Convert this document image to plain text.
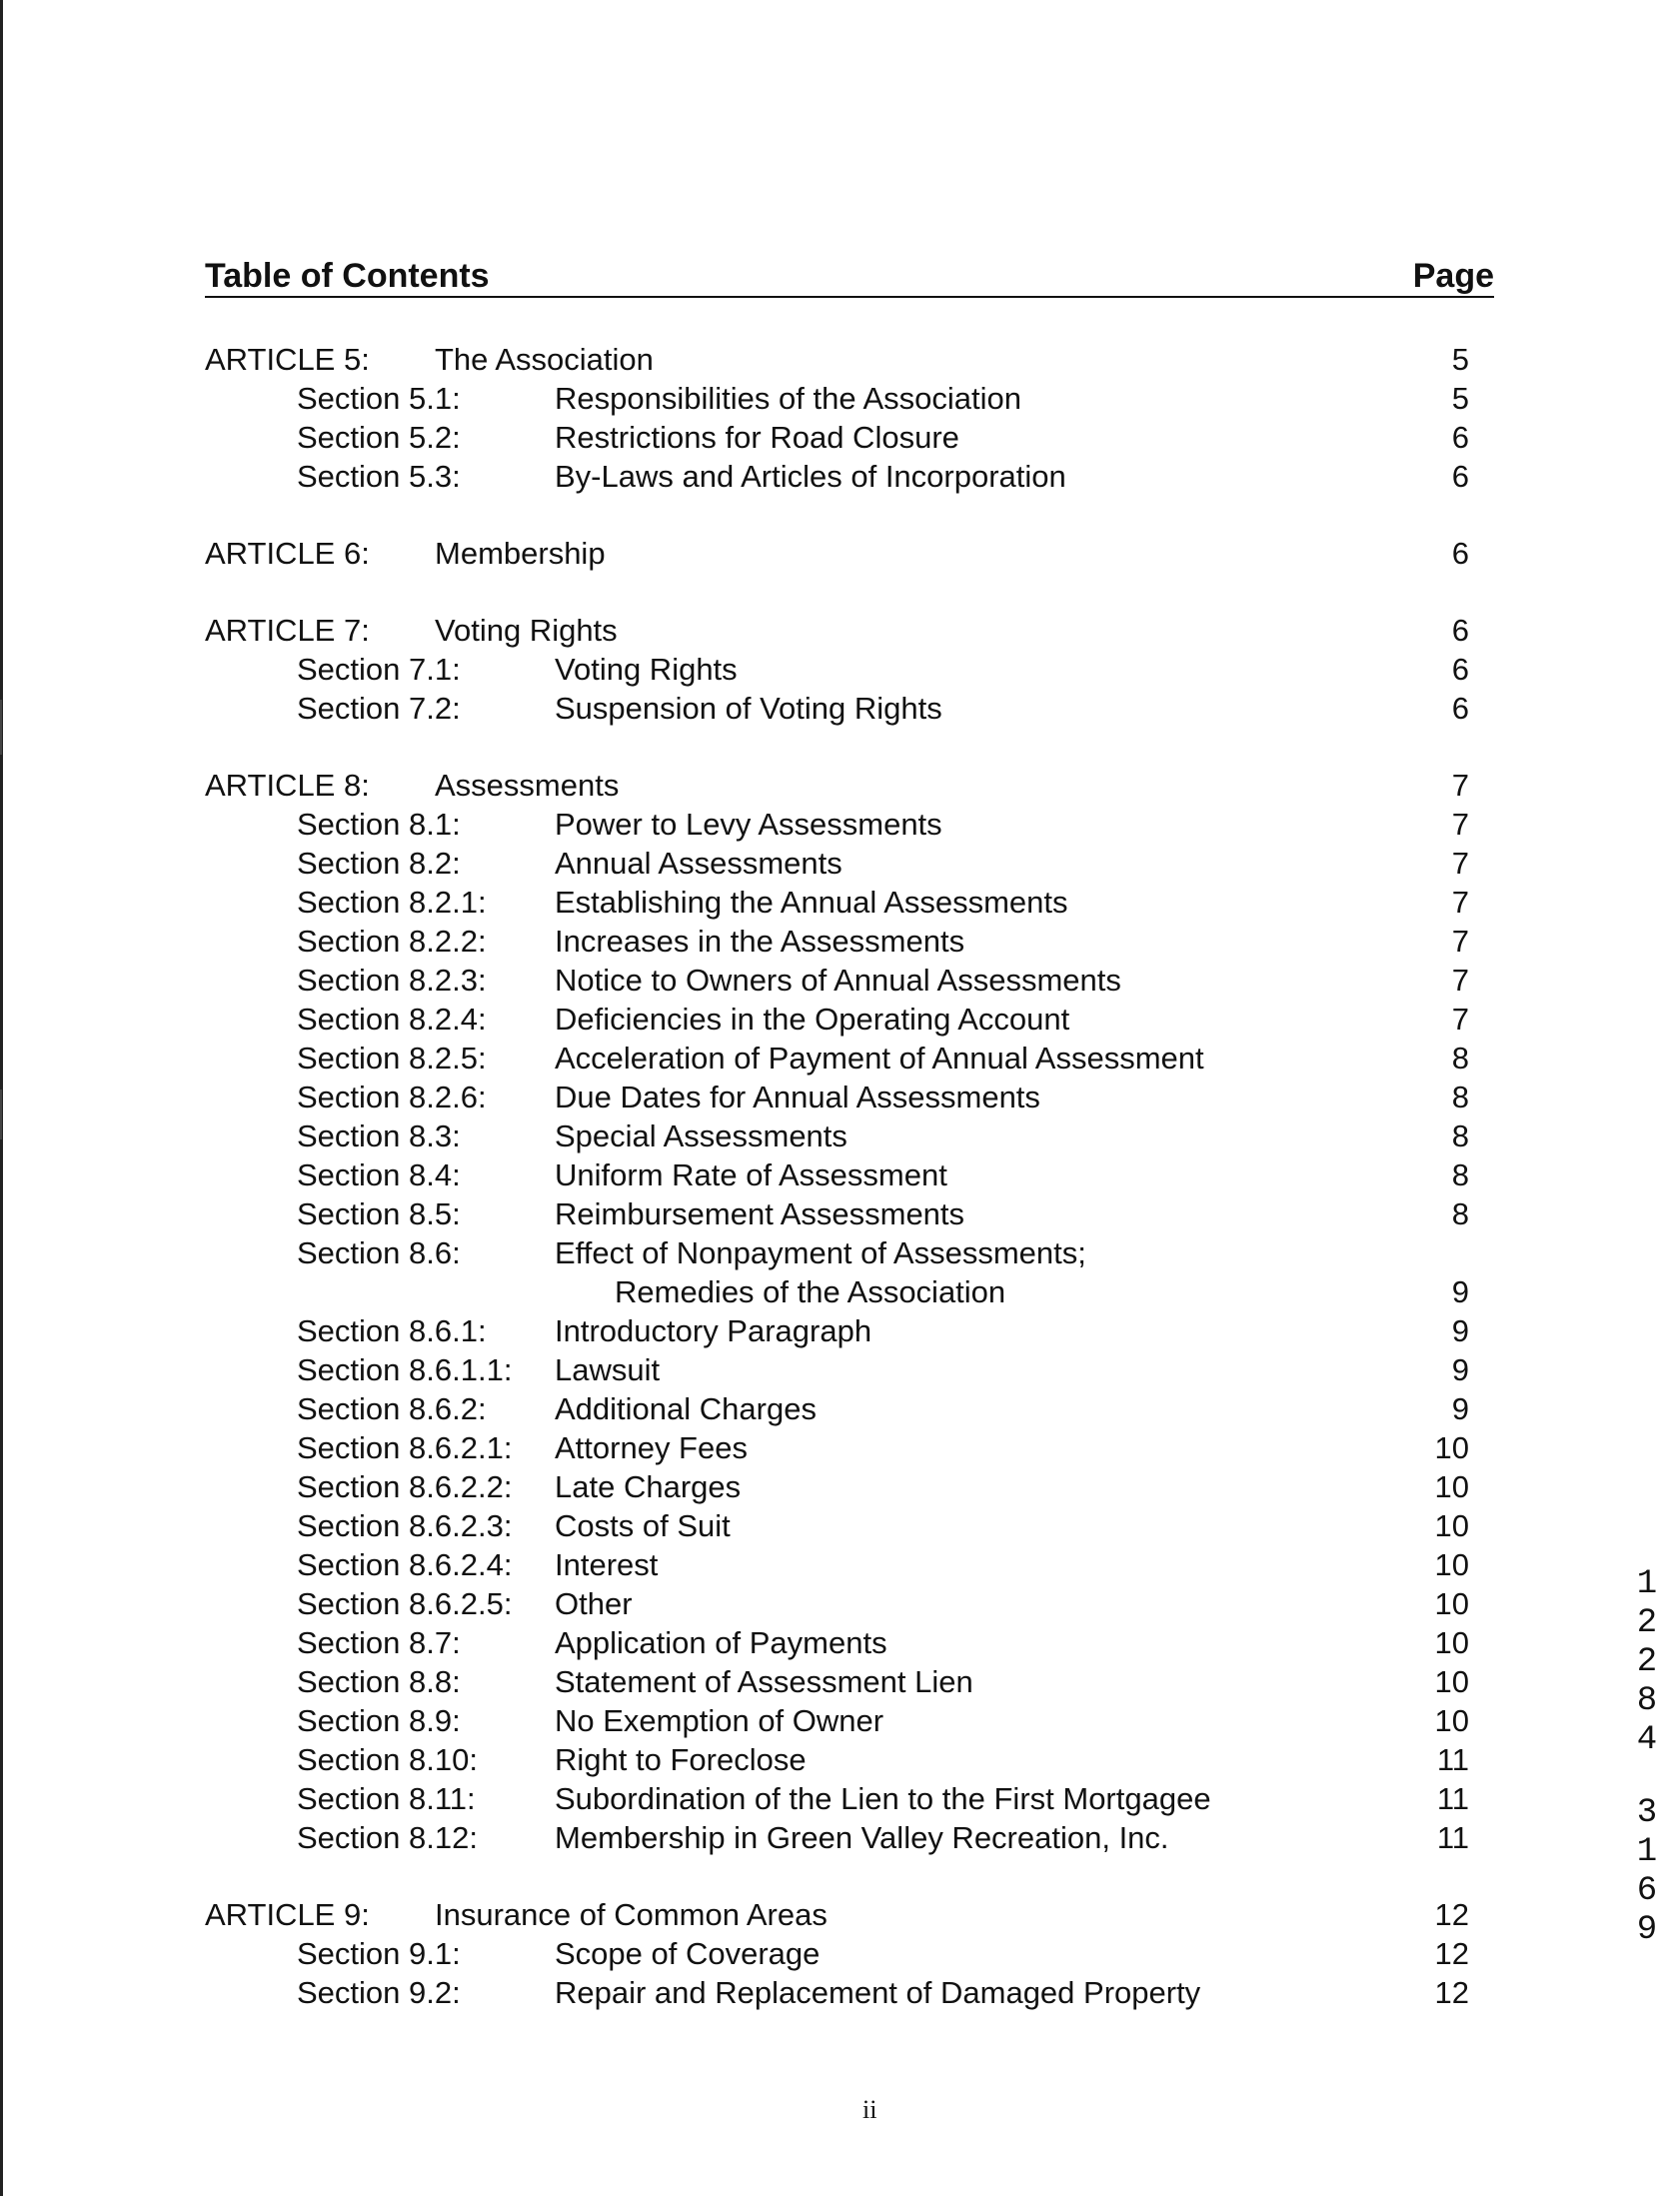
Table of Contents	Page
ARTICLE 5: The Association	5
Section 5.1:	Responsibilities of the Association	5
Section 5.2:	Restrictions for Road Closure	6
Section 5.3:	By-Laws and Articles of Incorporation	6
ARTICLE 6: Membership	6
ARTICLE 7: Voting Rights	6
Section 7.1:	Voting Rights	6
Section 7.2:	Suspension of Voting Rights	6
ARTICLE 8: Assessments	7
Section 8.1:	Power to Levy Assessments	7
Section 8.2:	Annual Assessments	7
Section 8.2.1: Establishing the Annual Assessments	7
Section 8.2.2: Increases in the Assessments	7
Section 8.2.3: Notice to Owners of Annual Assessments	7
Section 8.2.4: Deficiencies in the Operating Account	7
Section 8.2.5: Acceleration of Payment of Annual Assessment	8
Section 8.2.6: Due Dates for Annual Assessments	8
Section 8.3:	Special Assessments	8
Section 8.4:	Uniform Rate of Assessment	8
Section 8.5:	Reimbursement Assessments	8
Section 8.6:	Effect of Nonpayment of Assessments;
Remedies of the Association	9
Section 8.6.1: Introductory Paragraph	9
Section 8.6.1.1: Lawsuit	9
Section 8.6.2: Additional Charges	9
Section 8.6.2.1: Attorney Fees	10
Section 8.6.2.2: Late Charges	10
Section 8.6.2.3: Costs of Suit	10
Section 8.6.2.4: Interest	10
Section 8.6.2.5: Other	10
Section 8.7:	Application of Payments	10
Section 8.8:	Statement of Assessment Lien	10
Section 8.9:	No Exemption of Owner	10
Section 8.10: Right to Foreclose	11
Section 8.11:	Subordination of the Lien to the First Mortgagee	11
Section 8.12: Membership in Green Valley Recreation, Inc.	11
ARTICLE 9: Insurance of Common Areas	12
Section 9.1:	Scope of Coverage	12
Section 9.2:	Repair and Replacement of Damaged Property	12
ii
1
2
2
8
4
3
1
6
9
